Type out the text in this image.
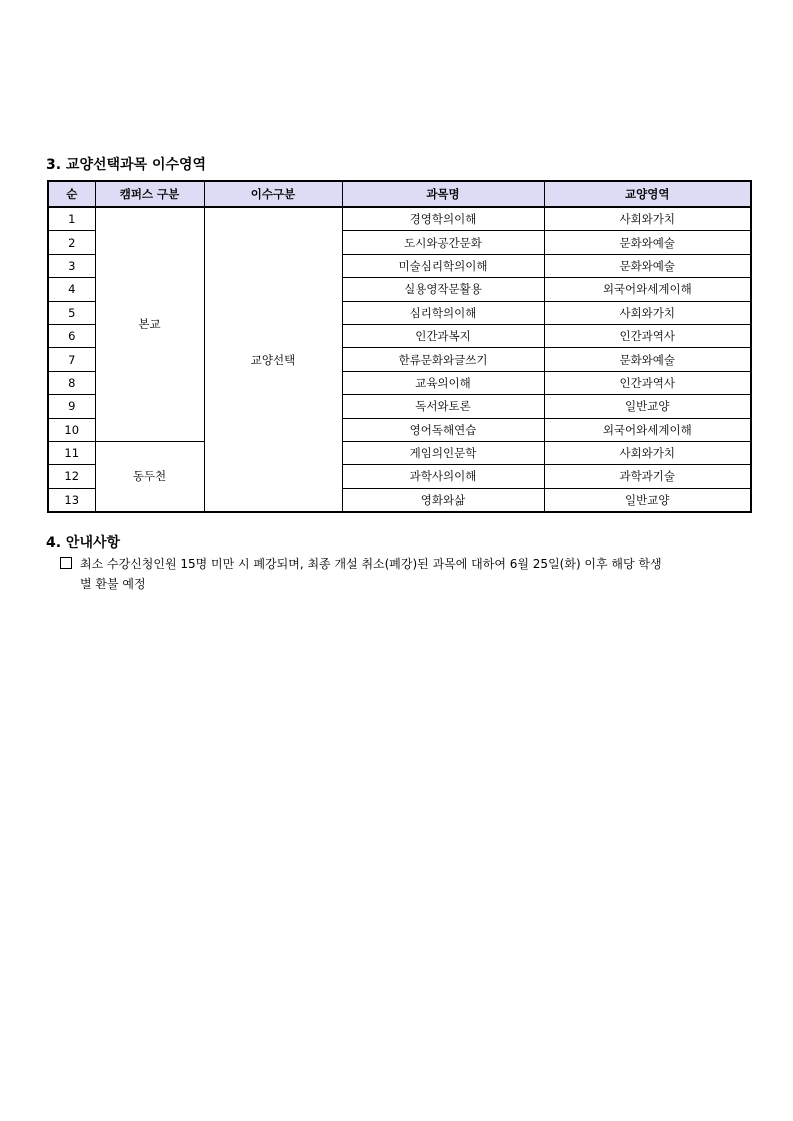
3. 교양선택과목 이수영역
순	캠퍼스 구분	이수구분	과목명	교양영역
1	본교	교양선택	경영학의이해	사회와가치
2			도시와공간문화	문화와예술
3			미술심리학의이해	문화와예술
4			실용영작문활용	외국어와세계이해
5			심리학의이해	사회와가치
6			인간과복지	인간과역사
7			한류문화와글쓰기	문화와예술
8			교육의이해	인간과역사
9			독서와토론	일반교양
10			영어독해연습	외국어와세계이해
11	동두천		게임의인문학	사회와가치
12			과학사의이해	과학과기술
13			영화와삶	일반교양
4. 안내사항

최소 수강신청인원 15명 미만 시 폐강되며, 최종 개설 취소(폐강)된 과목에 대하여 6월 25일(화) 이후 해당 학생
별 환불 예정
